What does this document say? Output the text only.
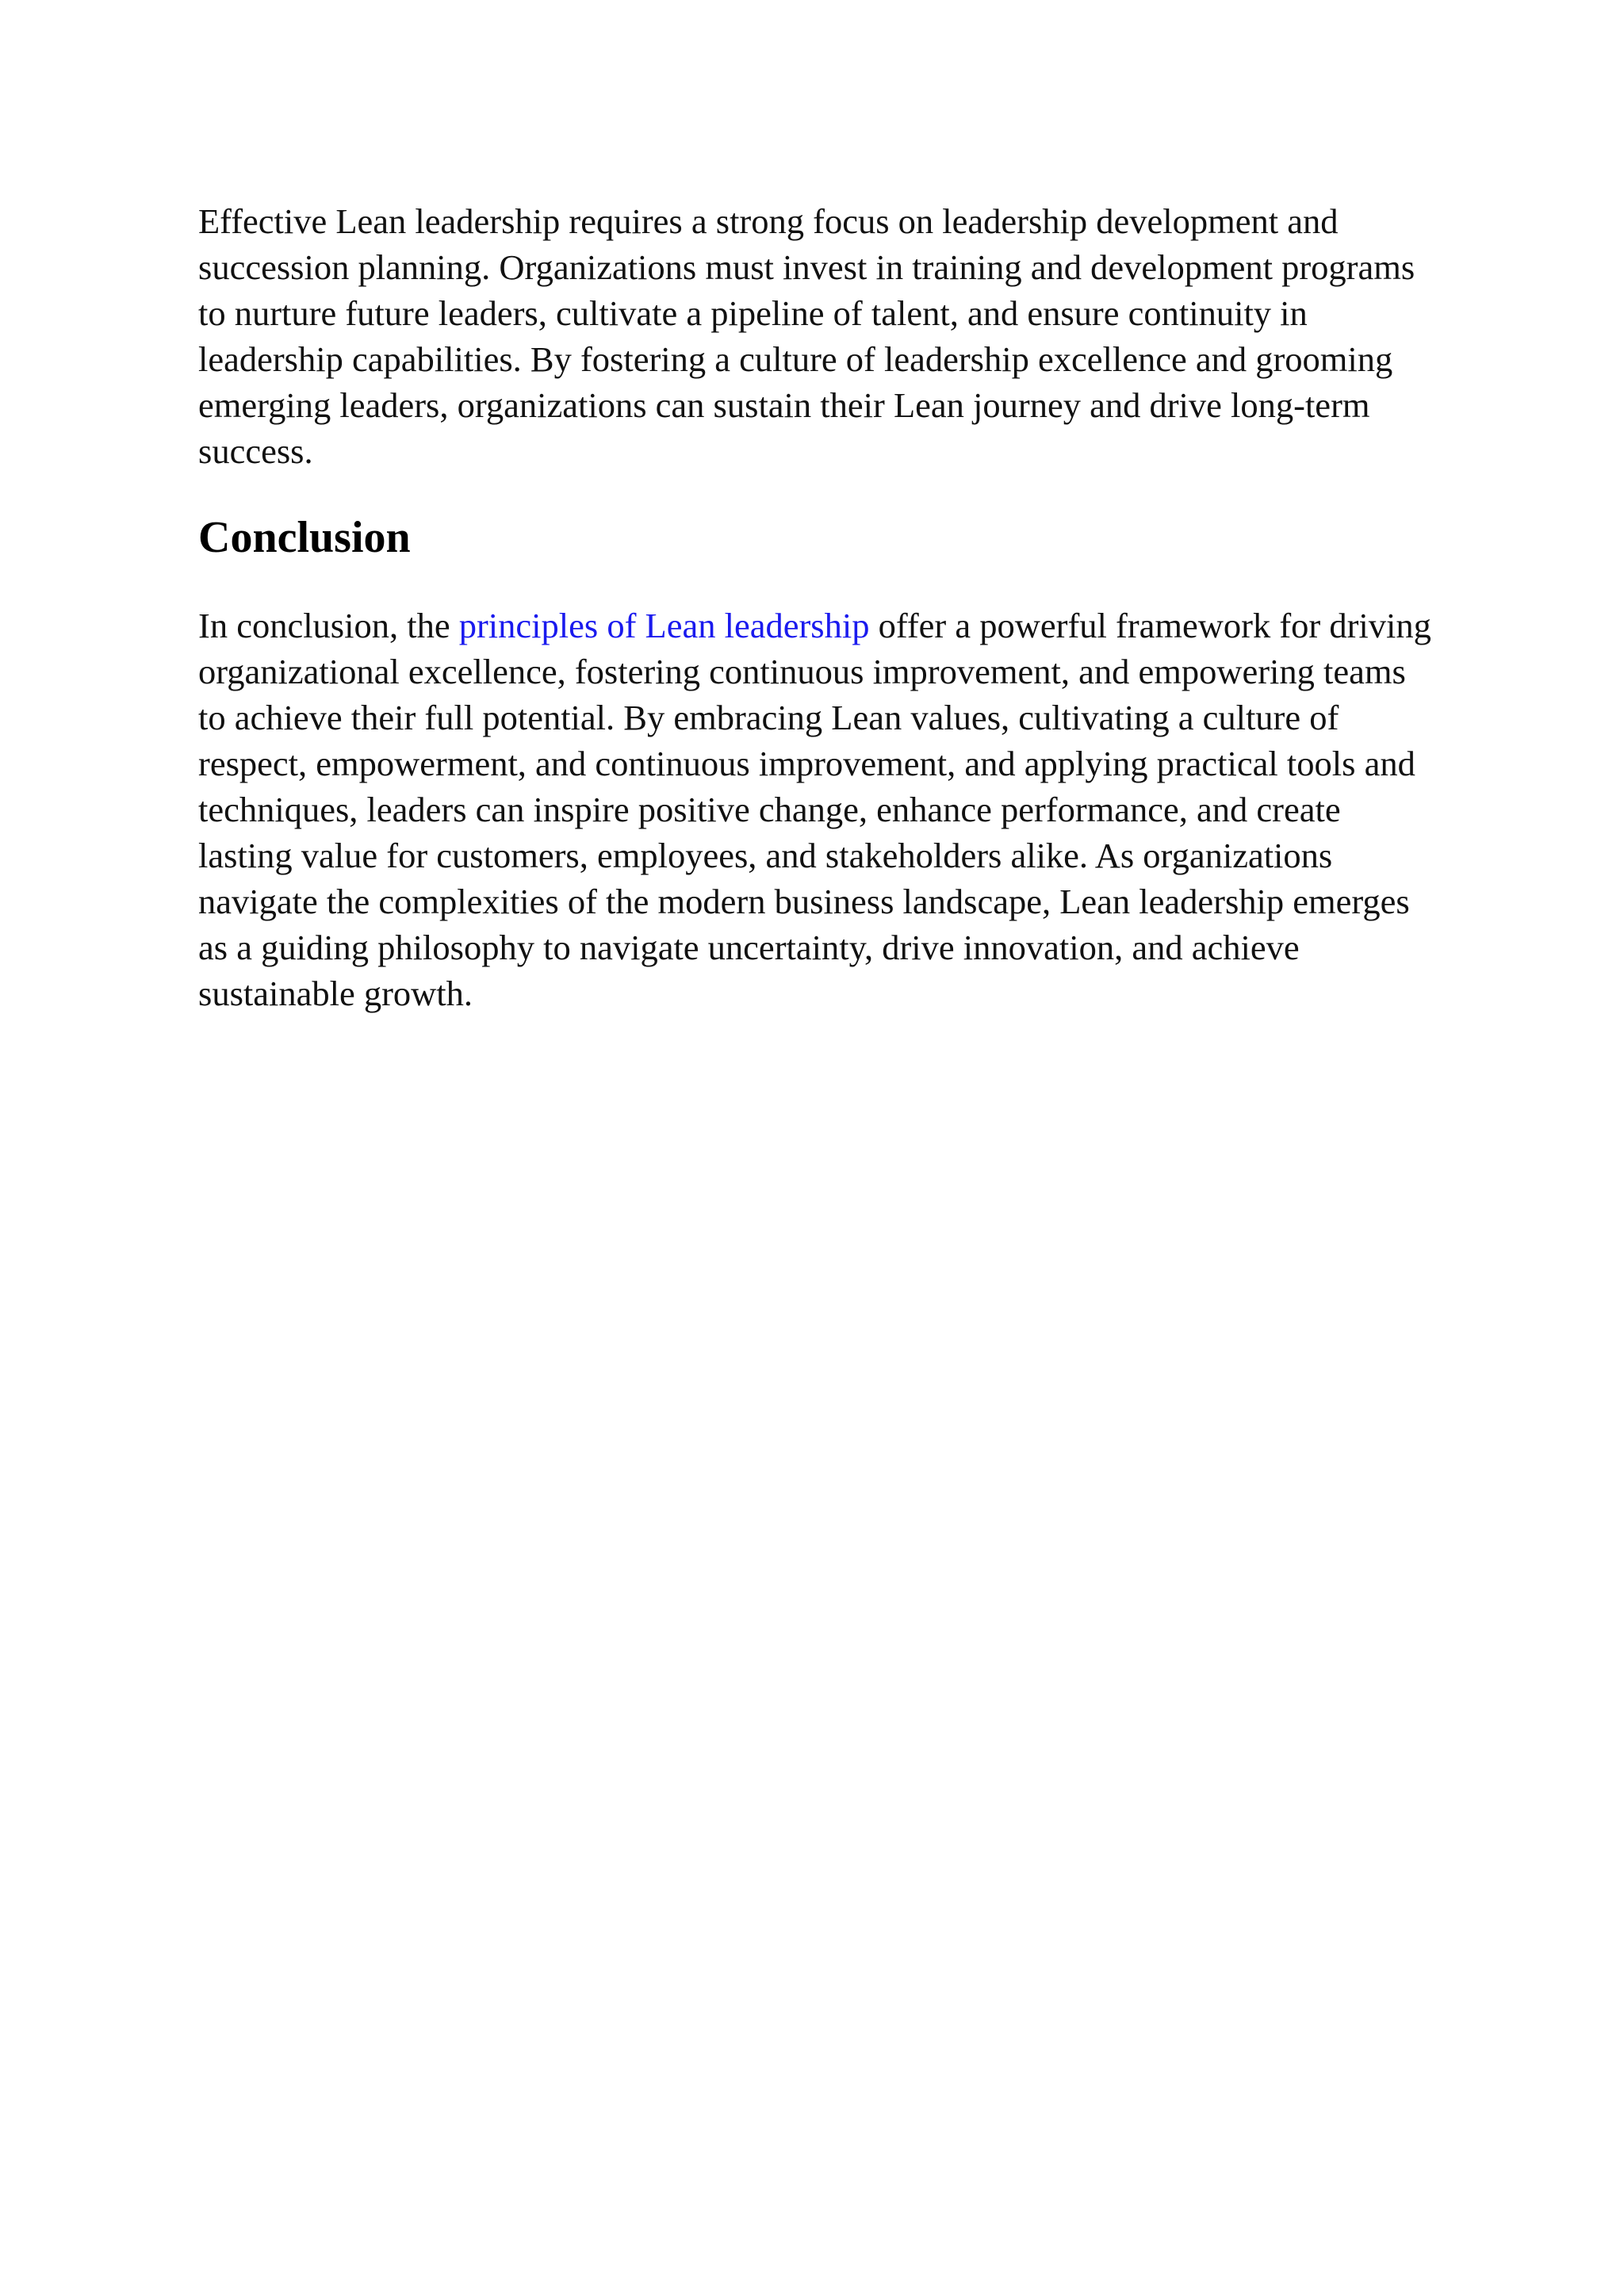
Effective Lean leadership requires a strong focus on leadership development and succession planning. Organizations must invest in training and development programs to nurture future leaders, cultivate a pipeline of talent, and ensure continuity in leadership capabilities. By fostering a culture of leadership excellence and grooming emerging leaders, organizations can sustain their Lean journey and drive long-term success.

Conclusion

In conclusion, the principles of Lean leadership offer a powerful framework for driving organizational excellence, fostering continuous improvement, and empowering teams to achieve their full potential. By embracing Lean values, cultivating a culture of respect, empowerment, and continuous improvement, and applying practical tools and techniques, leaders can inspire positive change, enhance performance, and create lasting value for customers, employees, and stakeholders alike. As organizations navigate the complexities of the modern business landscape, Lean leadership emerges as a guiding philosophy to navigate uncertainty, drive innovation, and achieve sustainable growth.
